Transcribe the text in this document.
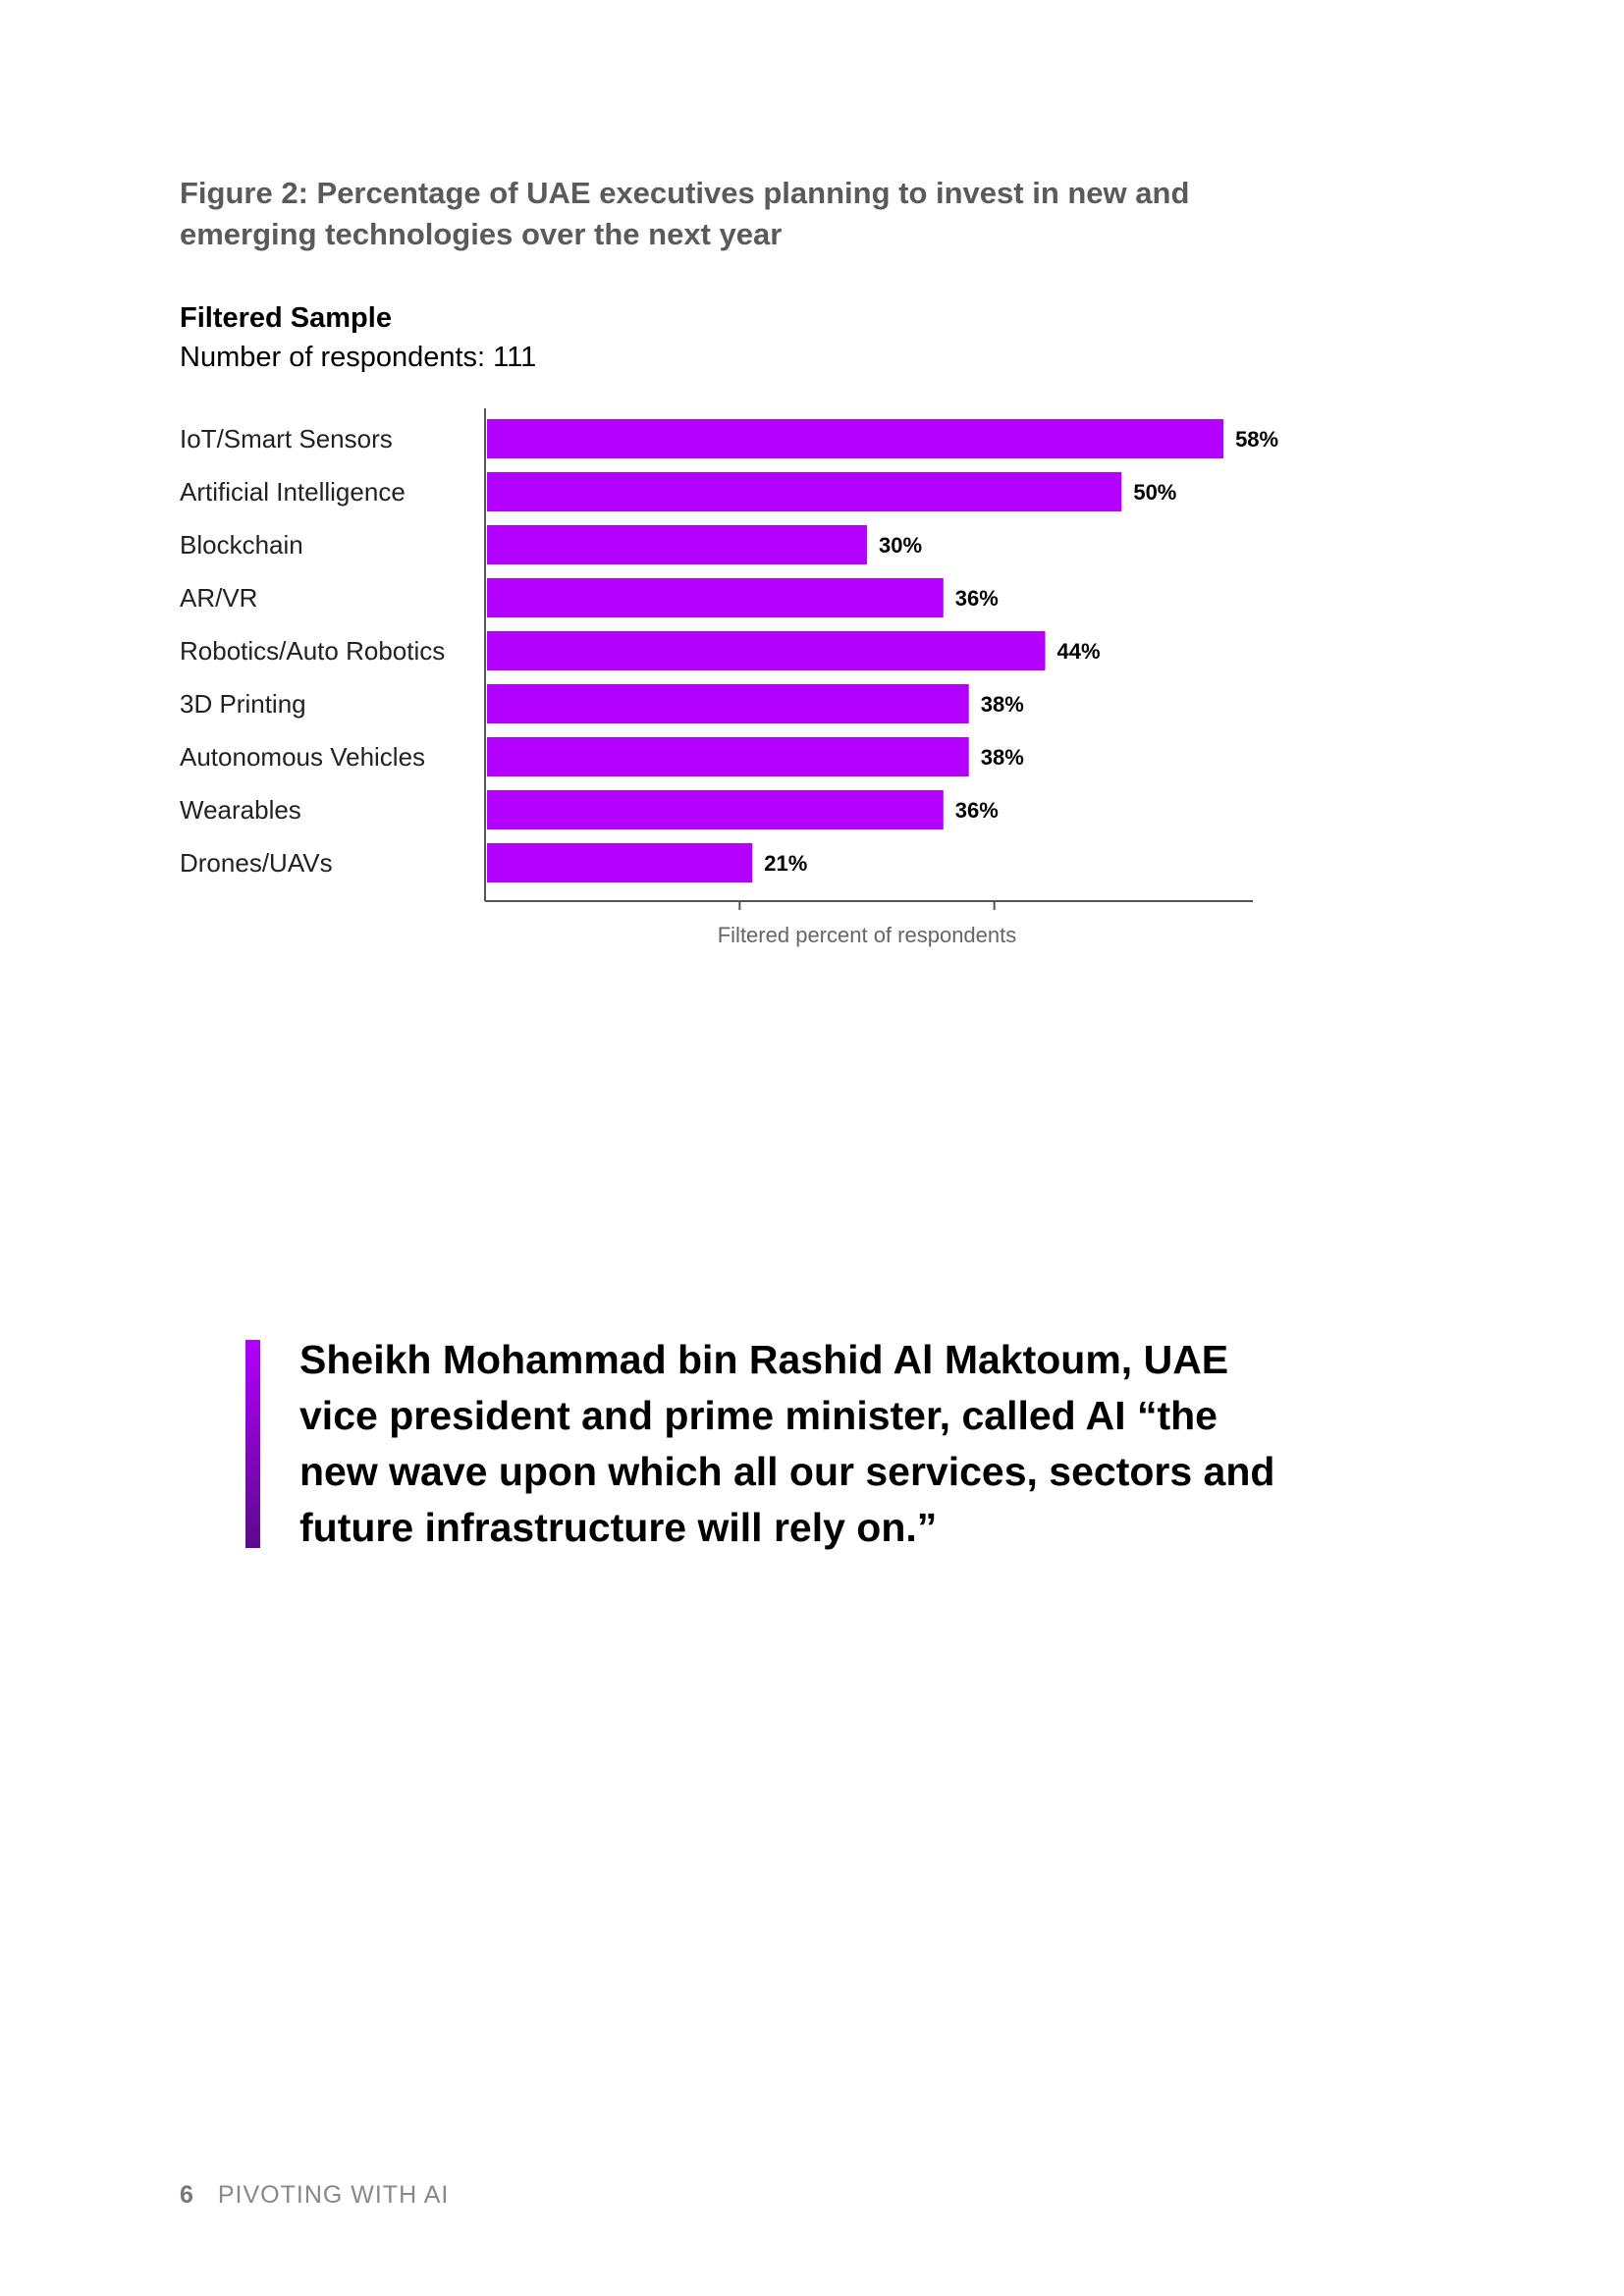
Figure 2: Percentage of UAE executives planning to invest in new and emerging technologies over the next year

Filtered Sample

Number of respondents: 111

IoT/Smart Sensors	58%
Artificial Intelligence	50%
Blockchain	30%
AR/VR	36%
Robotics/Auto Robotics	44%
3D Printing	38%
Autonomous Vehicles	38%
Wearables	36%
Drones/UAVs	21%
Filtered percent of respondents

Sheikh Mohammad bin Rashid Al Maktoum, UAE vice president and prime minister, called AI “the new wave upon which all our services, sectors and future infrastructure will rely on.”

6 PIVOTING WITH AI
